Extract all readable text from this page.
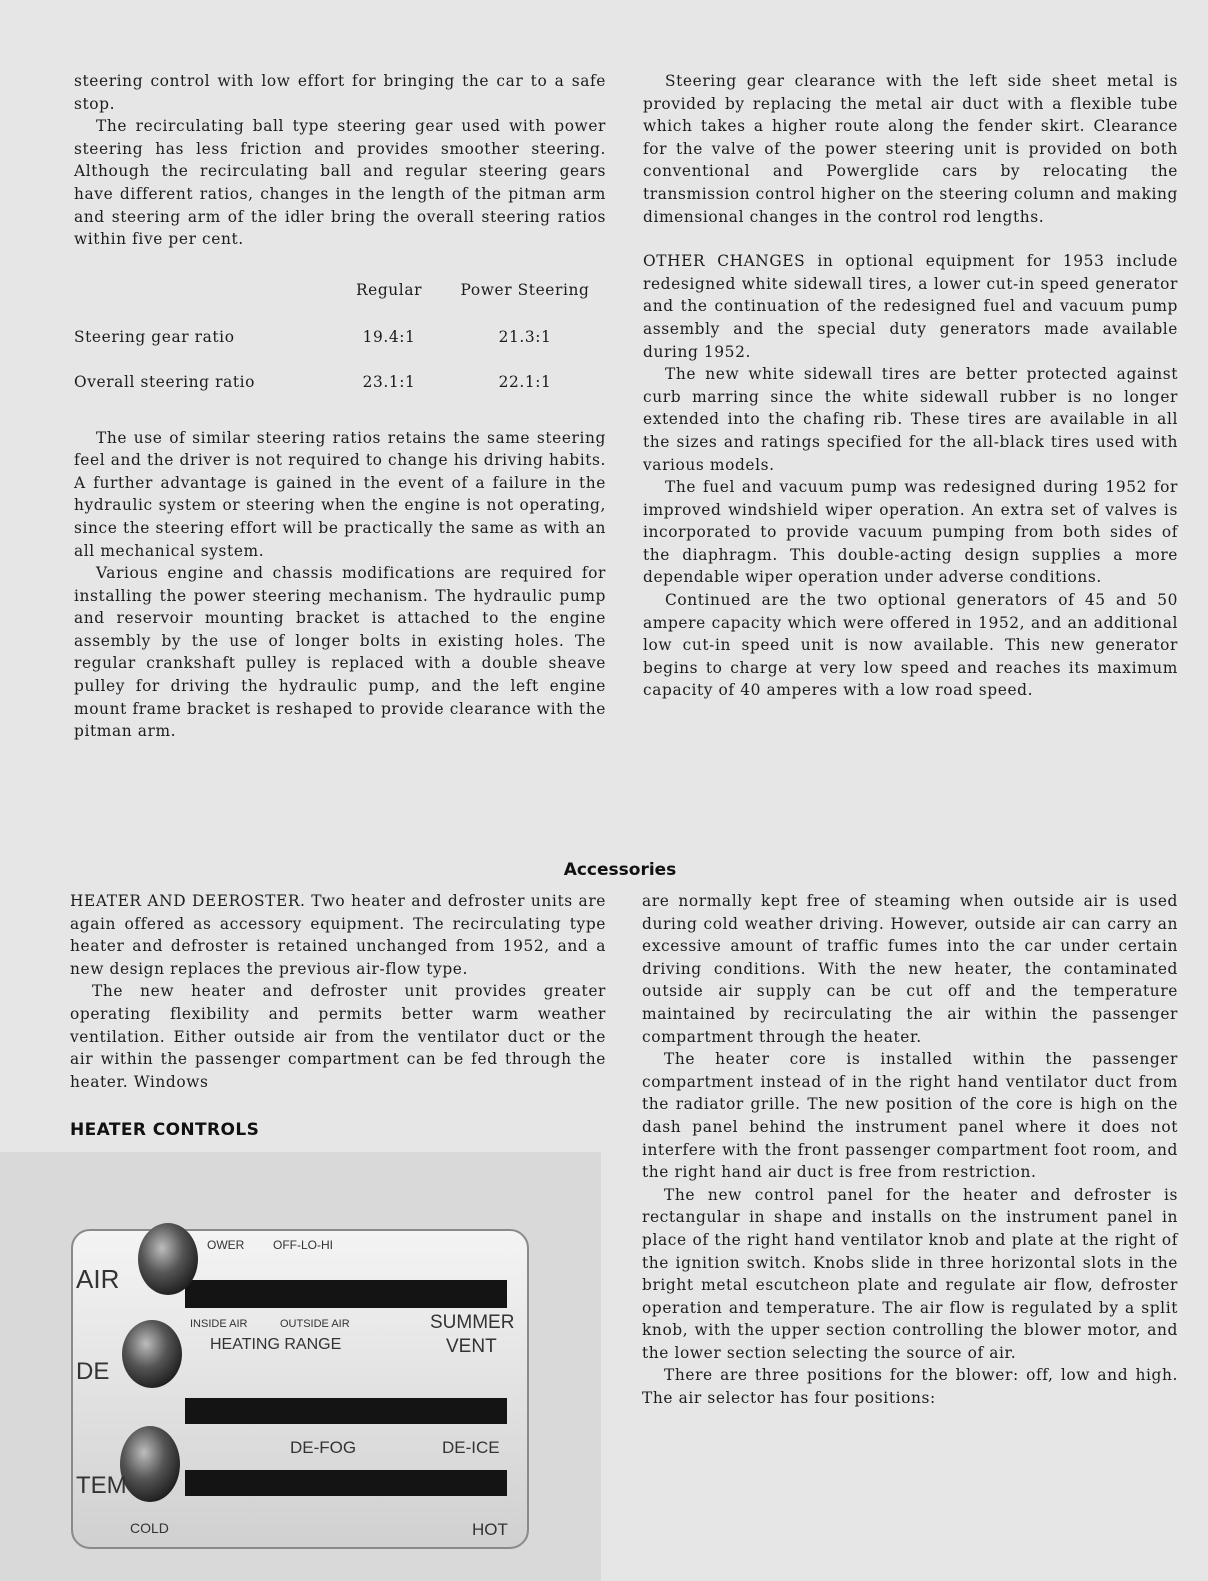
steering control with low effort for bringing the car to a safe stop.

The recirculating ball type steering gear used with power steering has less friction and provides smoother steering. Although the recirculating ball and regular steering gears have different ratios, changes in the length of the pitman arm and steering arm of the idler bring the overall steering ratios within five per cent.

	Regular	Power Steering
Steering gear ratio	19.4:1	21.3:1
Overall steering ratio	23.1:1	22.1:1

The use of similar steering ratios retains the same steering feel and the driver is not required to change his driving habits. A further advantage is gained in the event of a failure in the hydraulic system or steering when the engine is not operating, since the steering effort will be practically the same as with an all mechanical system.

Various engine and chassis modifications are required for installing the power steering mechanism. The hydraulic pump and reservoir mounting bracket is attached to the engine assembly by the use of longer bolts in existing holes. The regular crankshaft pulley is replaced with a double sheave pulley for driving the hydraulic pump, and the left engine mount frame bracket is reshaped to provide clearance with the pitman arm.

Steering gear clearance with the left side sheet metal is provided by replacing the metal air duct with a flexible tube which takes a higher route along the fender skirt. Clearance for the valve of the power steering unit is provided on both conventional and Powerglide cars by relocating the transmission control higher on the steering column and making dimensional changes in the control rod lengths.

OTHER CHANGES in optional equipment for 1953 include redesigned white sidewall tires, a lower cut-in speed generator and the continuation of the redesigned fuel and vacuum pump assembly and the special duty generators made available during 1952.

The new white sidewall tires are better protected against curb marring since the white sidewall rubber is no longer extended into the chafing rib. These tires are available in all the sizes and ratings specified for the all-black tires used with various models.

The fuel and vacuum pump was redesigned during 1952 for improved windshield wiper operation. An extra set of valves is incorporated to provide vacuum pumping from both sides of the diaphragm. This double-acting design supplies a more dependable wiper operation under adverse conditions.

Continued are the two optional generators of 45 and 50 ampere capacity which were offered in 1952, and an additional low cut-in speed unit is now available. This new generator begins to charge at very low speed and reaches its maximum capacity of 40 amperes with a low road speed.

Accessories

HEATER AND DEEROSTER. Two heater and defroster units are again offered as accessory equipment. The recirculating type heater and defroster is retained unchanged from 1952, and a new design replaces the previous air-flow type.

The new heater and defroster unit provides greater operating flexibility and permits better warm weather ventilation. Either outside air from the ventilator duct or the air within the passenger compartment can be fed through the heater. Windows

HEATER CONTROLS
OWER OFF-LO-HI
AIR
INSIDE AIR	OUTSIDE AIR	SUMMER
HEATING RANGE	VENT
DE
DE-FOG	DE-ICE
TEM
COLD	HOT

are normally kept free of steaming when outside air is used during cold weather driving. However, outside air can carry an excessive amount of traffic fumes into the car under certain driving conditions. With the new heater, the contaminated outside air supply can be cut off and the temperature maintained by recirculating the air within the passenger compartment through the heater.

The heater core is installed within the passenger compartment instead of in the right hand ventilator duct from the radiator grille. The new position of the core is high on the dash panel behind the instrument panel where it does not interfere with the front passenger compartment foot room, and the right hand air duct is free from restriction.

The new control panel for the heater and defroster is rectangular in shape and installs on the instrument panel in place of the right hand ventilator knob and plate at the right of the ignition switch. Knobs slide in three horizontal slots in the bright metal escutcheon plate and regulate air flow, defroster operation and temperature. The air flow is regulated by a split knob, with the upper section controlling the blower motor, and the lower section selecting the source of air.

There are three positions for the blower: off, low and high. The air selector has four positions:
